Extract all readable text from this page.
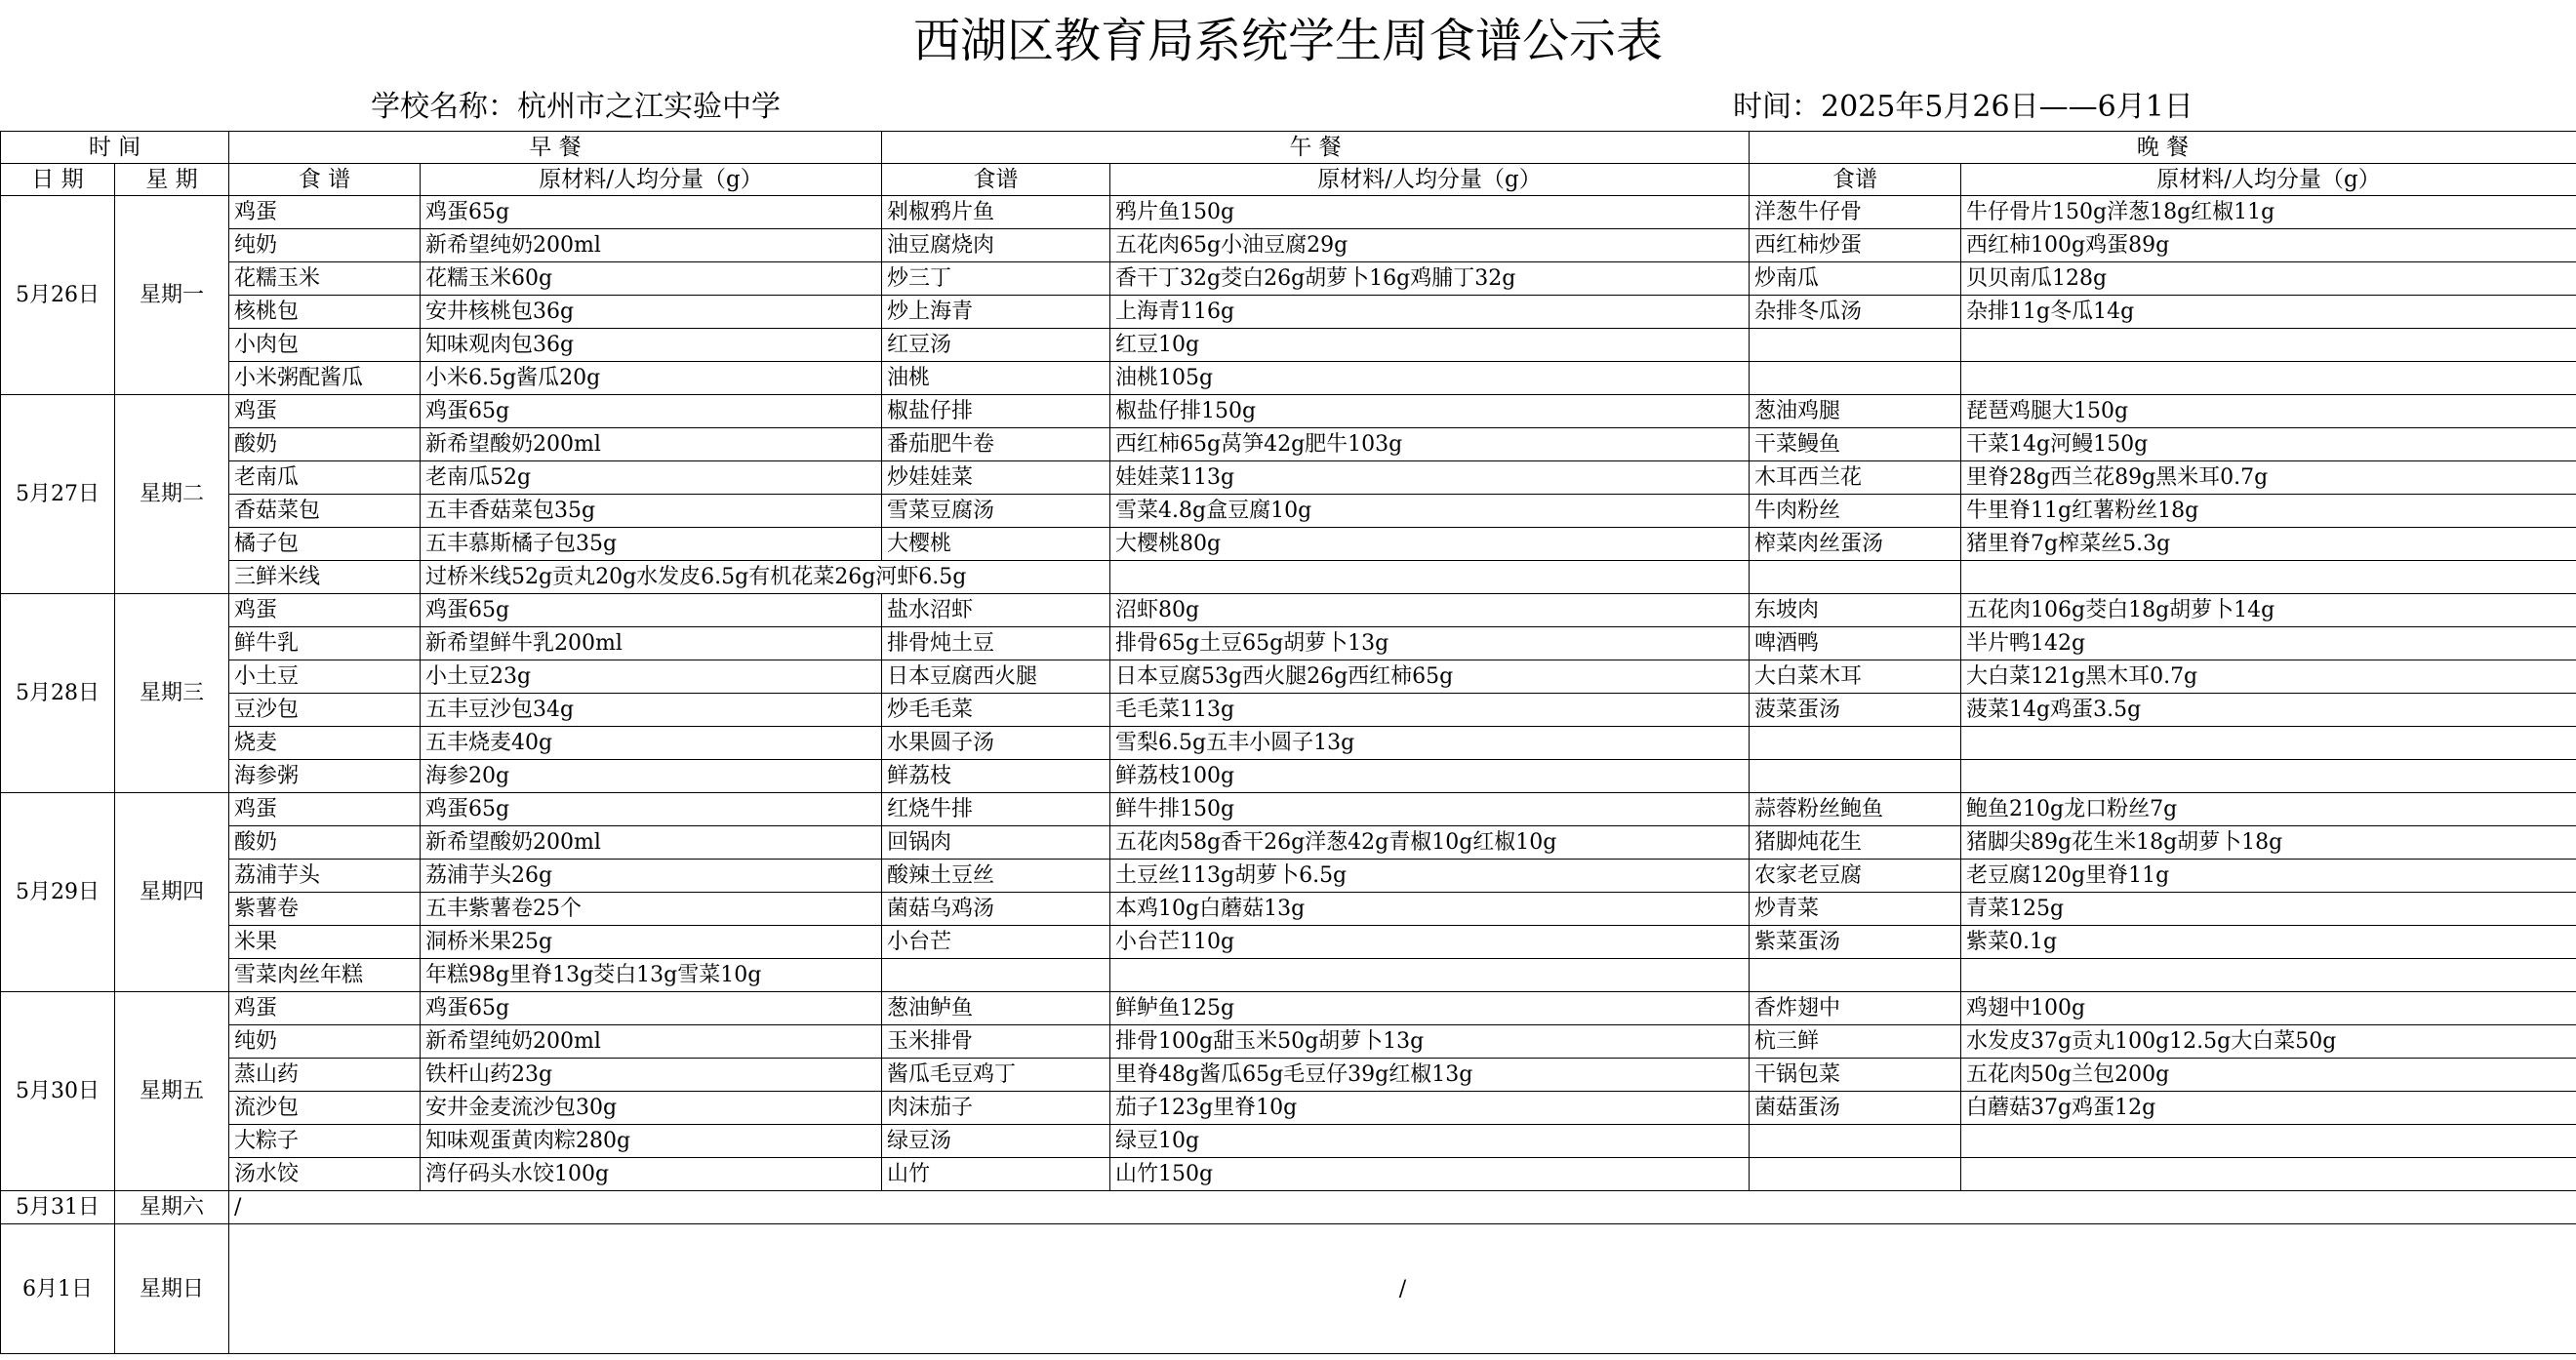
西湖区教育局系统学生周食谱公示表
学校名称：杭州市之江实验中学	时间：2025年5月26日——6月1日
时 间		早 餐		午 餐		晚 餐	
日 期	星 期	食 谱	原材料/人均分量（g）	食谱	原材料/人均分量（g）	食谱	原材料/人均分量（g）
5月26日	星期一	鸡蛋	鸡蛋65g	剁椒鸦片鱼	鸦片鱼150g	洋葱牛仔骨	牛仔骨片150g洋葱18g红椒11g
		纯奶	新希望纯奶200ml	油豆腐烧肉	五花肉65g小油豆腐29g	西红柿炒蛋	西红柿100g鸡蛋89g
		花糯玉米	花糯玉米60g	炒三丁	香干丁32g茭白26g胡萝卜16g鸡脯丁32g	炒南瓜	贝贝南瓜128g
		核桃包	安井核桃包36g	炒上海青	上海青116g	杂排冬瓜汤	杂排11g冬瓜14g
		小肉包	知味观肉包36g	红豆汤	红豆10g		
		小米粥配酱瓜	小米6.5g酱瓜20g	油桃	油桃105g		
5月27日	星期二	鸡蛋	鸡蛋65g	椒盐仔排	椒盐仔排150g	葱油鸡腿	琵琶鸡腿大150g
		酸奶	新希望酸奶200ml	番茄肥牛卷	西红柿65g莴笋42g肥牛103g	干菜鳗鱼	干菜14g河鳗150g
		老南瓜	老南瓜52g	炒娃娃菜	娃娃菜113g	木耳西兰花	里脊28g西兰花89g黑米耳0.7g
		香菇菜包	五丰香菇菜包35g	雪菜豆腐汤	雪菜4.8g盒豆腐10g	牛肉粉丝	牛里脊11g红薯粉丝18g
		橘子包	五丰慕斯橘子包35g	大樱桃	大樱桃80g	榨菜肉丝蛋汤	猪里脊7g榨菜丝5.3g
		三鲜米线	过桥米线52g贡丸20g水发皮6.5g有机花菜26g河虾6.5g				
5月28日	星期三	鸡蛋	鸡蛋65g	盐水沼虾	沼虾80g	东坡肉	五花肉106g茭白18g胡萝卜14g
		鲜牛乳	新希望鲜牛乳200ml	排骨炖土豆	排骨65g土豆65g胡萝卜13g	啤酒鸭	半片鸭142g
		小土豆	小土豆23g	日本豆腐西火腿	日本豆腐53g西火腿26g西红柿65g	大白菜木耳	大白菜121g黑木耳0.7g
		豆沙包	五丰豆沙包34g	炒毛毛菜	毛毛菜113g	菠菜蛋汤	菠菜14g鸡蛋3.5g
		烧麦	五丰烧麦40g	水果圆子汤	雪梨6.5g五丰小圆子13g		
		海参粥	海参20g	鲜荔枝	鲜荔枝100g		
5月29日	星期四	鸡蛋	鸡蛋65g	红烧牛排	鲜牛排150g	蒜蓉粉丝鲍鱼	鲍鱼210g龙口粉丝7g
		酸奶	新希望酸奶200ml	回锅肉	五花肉58g香干26g洋葱42g青椒10g红椒10g	猪脚炖花生	猪脚尖89g花生米18g胡萝卜18g
		荔浦芋头	荔浦芋头26g	酸辣土豆丝	土豆丝113g胡萝卜6.5g	农家老豆腐	老豆腐120g里脊11g
		紫薯卷	五丰紫薯卷25个	菌菇乌鸡汤	本鸡10g白蘑菇13g	炒青菜	青菜125g
		米果	洞桥米果25g	小台芒	小台芒110g	紫菜蛋汤	紫菜0.1g
		雪菜肉丝年糕	年糕98g里脊13g茭白13g雪菜10g				
5月30日	星期五	鸡蛋	鸡蛋65g	葱油鲈鱼	鲜鲈鱼125g	香炸翅中	鸡翅中100g
		纯奶	新希望纯奶200ml	玉米排骨	排骨100g甜玉米50g胡萝卜13g	杭三鲜	水发皮37g贡丸100g12.5g大白菜50g
		蒸山药	铁杆山药23g	酱瓜毛豆鸡丁	里脊48g酱瓜65g毛豆仔39g红椒13g	干锅包菜	五花肉50g兰包200g
		流沙包	安井金麦流沙包30g	肉沫茄子	茄子123g里脊10g	菌菇蛋汤	白蘑菇37g鸡蛋12g
		大粽子	知味观蛋黄肉粽280g	绿豆汤	绿豆10g		
		汤水饺	湾仔码头水饺100g	山竹	山竹150g		
5月31日	星期六	/					
6月1日	星期日	/					
